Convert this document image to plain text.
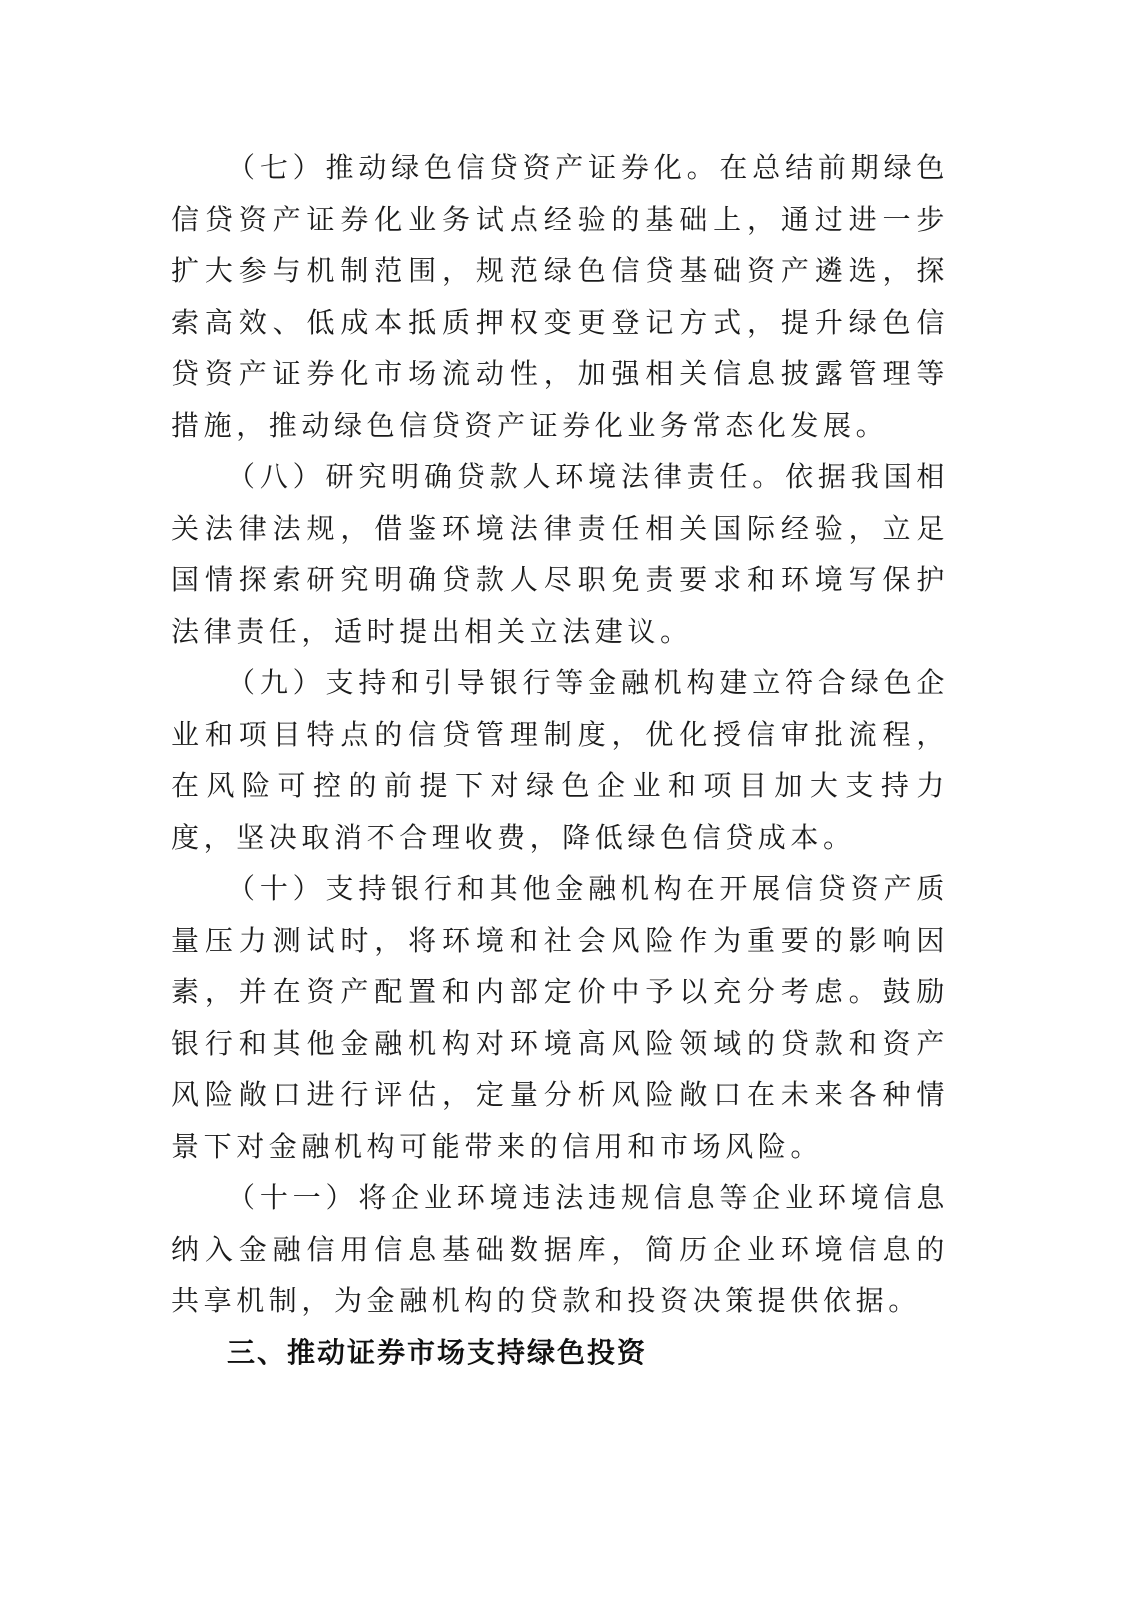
（七）推动绿色信贷资产证券化。在总结前期绿色信贷资产证券化业务试点经验的基础上，通过进一步扩大参与机制范围，规范绿色信贷基础资产遴选，探索高效、低成本抵质押权变更登记方式，提升绿色信贷资产证券化市场流动性，加强相关信息披露管理等措施，推动绿色信贷资产证券化业务常态化发展。

（八）研究明确贷款人环境法律责任。依据我国相关法律法规，借鉴环境法律责任相关国际经验，立足国情探索研究明确贷款人尽职免责要求和环境写保护法律责任，适时提出相关立法建议。

（九）支持和引导银行等金融机构建立符合绿色企业和项目特点的信贷管理制度，优化授信审批流程，在风险可控的前提下对绿色企业和项目加大支持力度，坚决取消不合理收费，降低绿色信贷成本。

（十）支持银行和其他金融机构在开展信贷资产质量压力测试时，将环境和社会风险作为重要的影响因素，并在资产配置和内部定价中予以充分考虑。鼓励银行和其他金融机构对环境高风险领域的贷款和资产风险敞口进行评估，定量分析风险敞口在未来各种情景下对金融机构可能带来的信用和市场风险。

（十一）将企业环境违法违规信息等企业环境信息纳入金融信用信息基础数据库，简历企业环境信息的共享机制，为金融机构的贷款和投资决策提供依据。

三、推动证券市场支持绿色投资
